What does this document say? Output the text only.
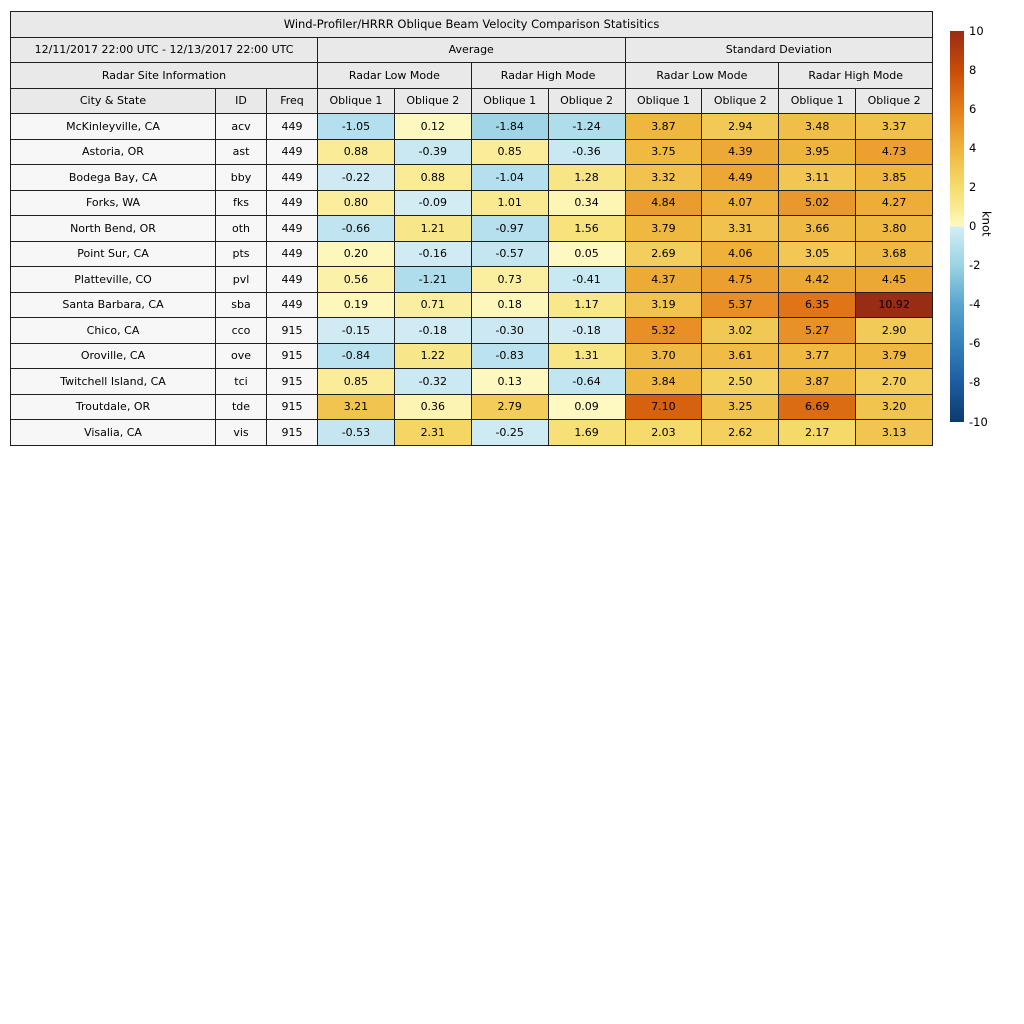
Wind-Profiler/HRRR Oblique Beam Velocity Comparison Statisitics										
12/11/2017 22:00 UTC - 12/13/2017 22:00 UTC			Average				Standard Deviation			
Radar Site Information			Radar Low Mode		Radar High Mode		Radar Low Mode		Radar High Mode	
City & State	ID	Freq	Oblique 1	Oblique 2	Oblique 1	Oblique 2	Oblique 1	Oblique 2	Oblique 1	Oblique 2
McKinleyville, CA	acv	449	-1.05	0.12	-1.84	-1.24	3.87	2.94	3.48	3.37
Astoria, OR	ast	449	0.88	-0.39	0.85	-0.36	3.75	4.39	3.95	4.73
Bodega Bay, CA	bby	449	-0.22	0.88	-1.04	1.28	3.32	4.49	3.11	3.85
Forks, WA	fks	449	0.80	-0.09	1.01	0.34	4.84	4.07	5.02	4.27
North Bend, OR	oth	449	-0.66	1.21	-0.97	1.56	3.79	3.31	3.66	3.80
Point Sur, CA	pts	449	0.20	-0.16	-0.57	0.05	2.69	4.06	3.05	3.68
Platteville, CO	pvl	449	0.56	-1.21	0.73	-0.41	4.37	4.75	4.42	4.45
Santa Barbara, CA	sba	449	0.19	0.71	0.18	1.17	3.19	5.37	6.35	10.92
Chico, CA	cco	915	-0.15	-0.18	-0.30	-0.18	5.32	3.02	5.27	2.90
Oroville, CA	ove	915	-0.84	1.22	-0.83	1.31	3.70	3.61	3.77	3.79
Twitchell Island, CA	tci	915	0.85	-0.32	0.13	-0.64	3.84	2.50	3.87	2.70
Troutdale, OR	tde	915	3.21	0.36	2.79	0.09	7.10	3.25	6.69	3.20
Visalia, CA	vis	915	-0.53	2.31	-0.25	1.69	2.03	2.62	2.17	3.13
10
8
6
4
2
0
-2
-4
-6
-8
-10
knot
